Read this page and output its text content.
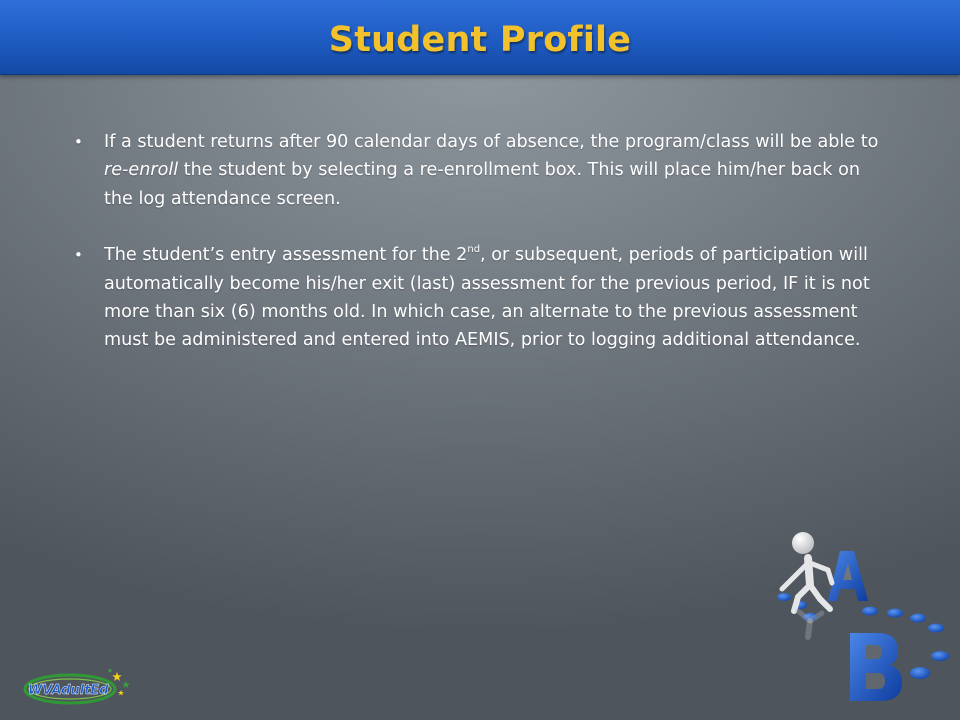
Student Profile
• If a student returns after 90 calendar days of absence, the program/class will be able to re-enroll the student by selecting a re-enrollment box. This will place him/her back on the log attendance screen.
• The student’s entry assessment for the 2nd, or subsequent, periods of participation will automatically become his/her exit (last) assessment for the previous period, IF it is not more than six (6) months old. In which case, an alternate to the previous assessment must be administered and entered into AEMIS, prior to logging additional attendance.
WVAdultEd
